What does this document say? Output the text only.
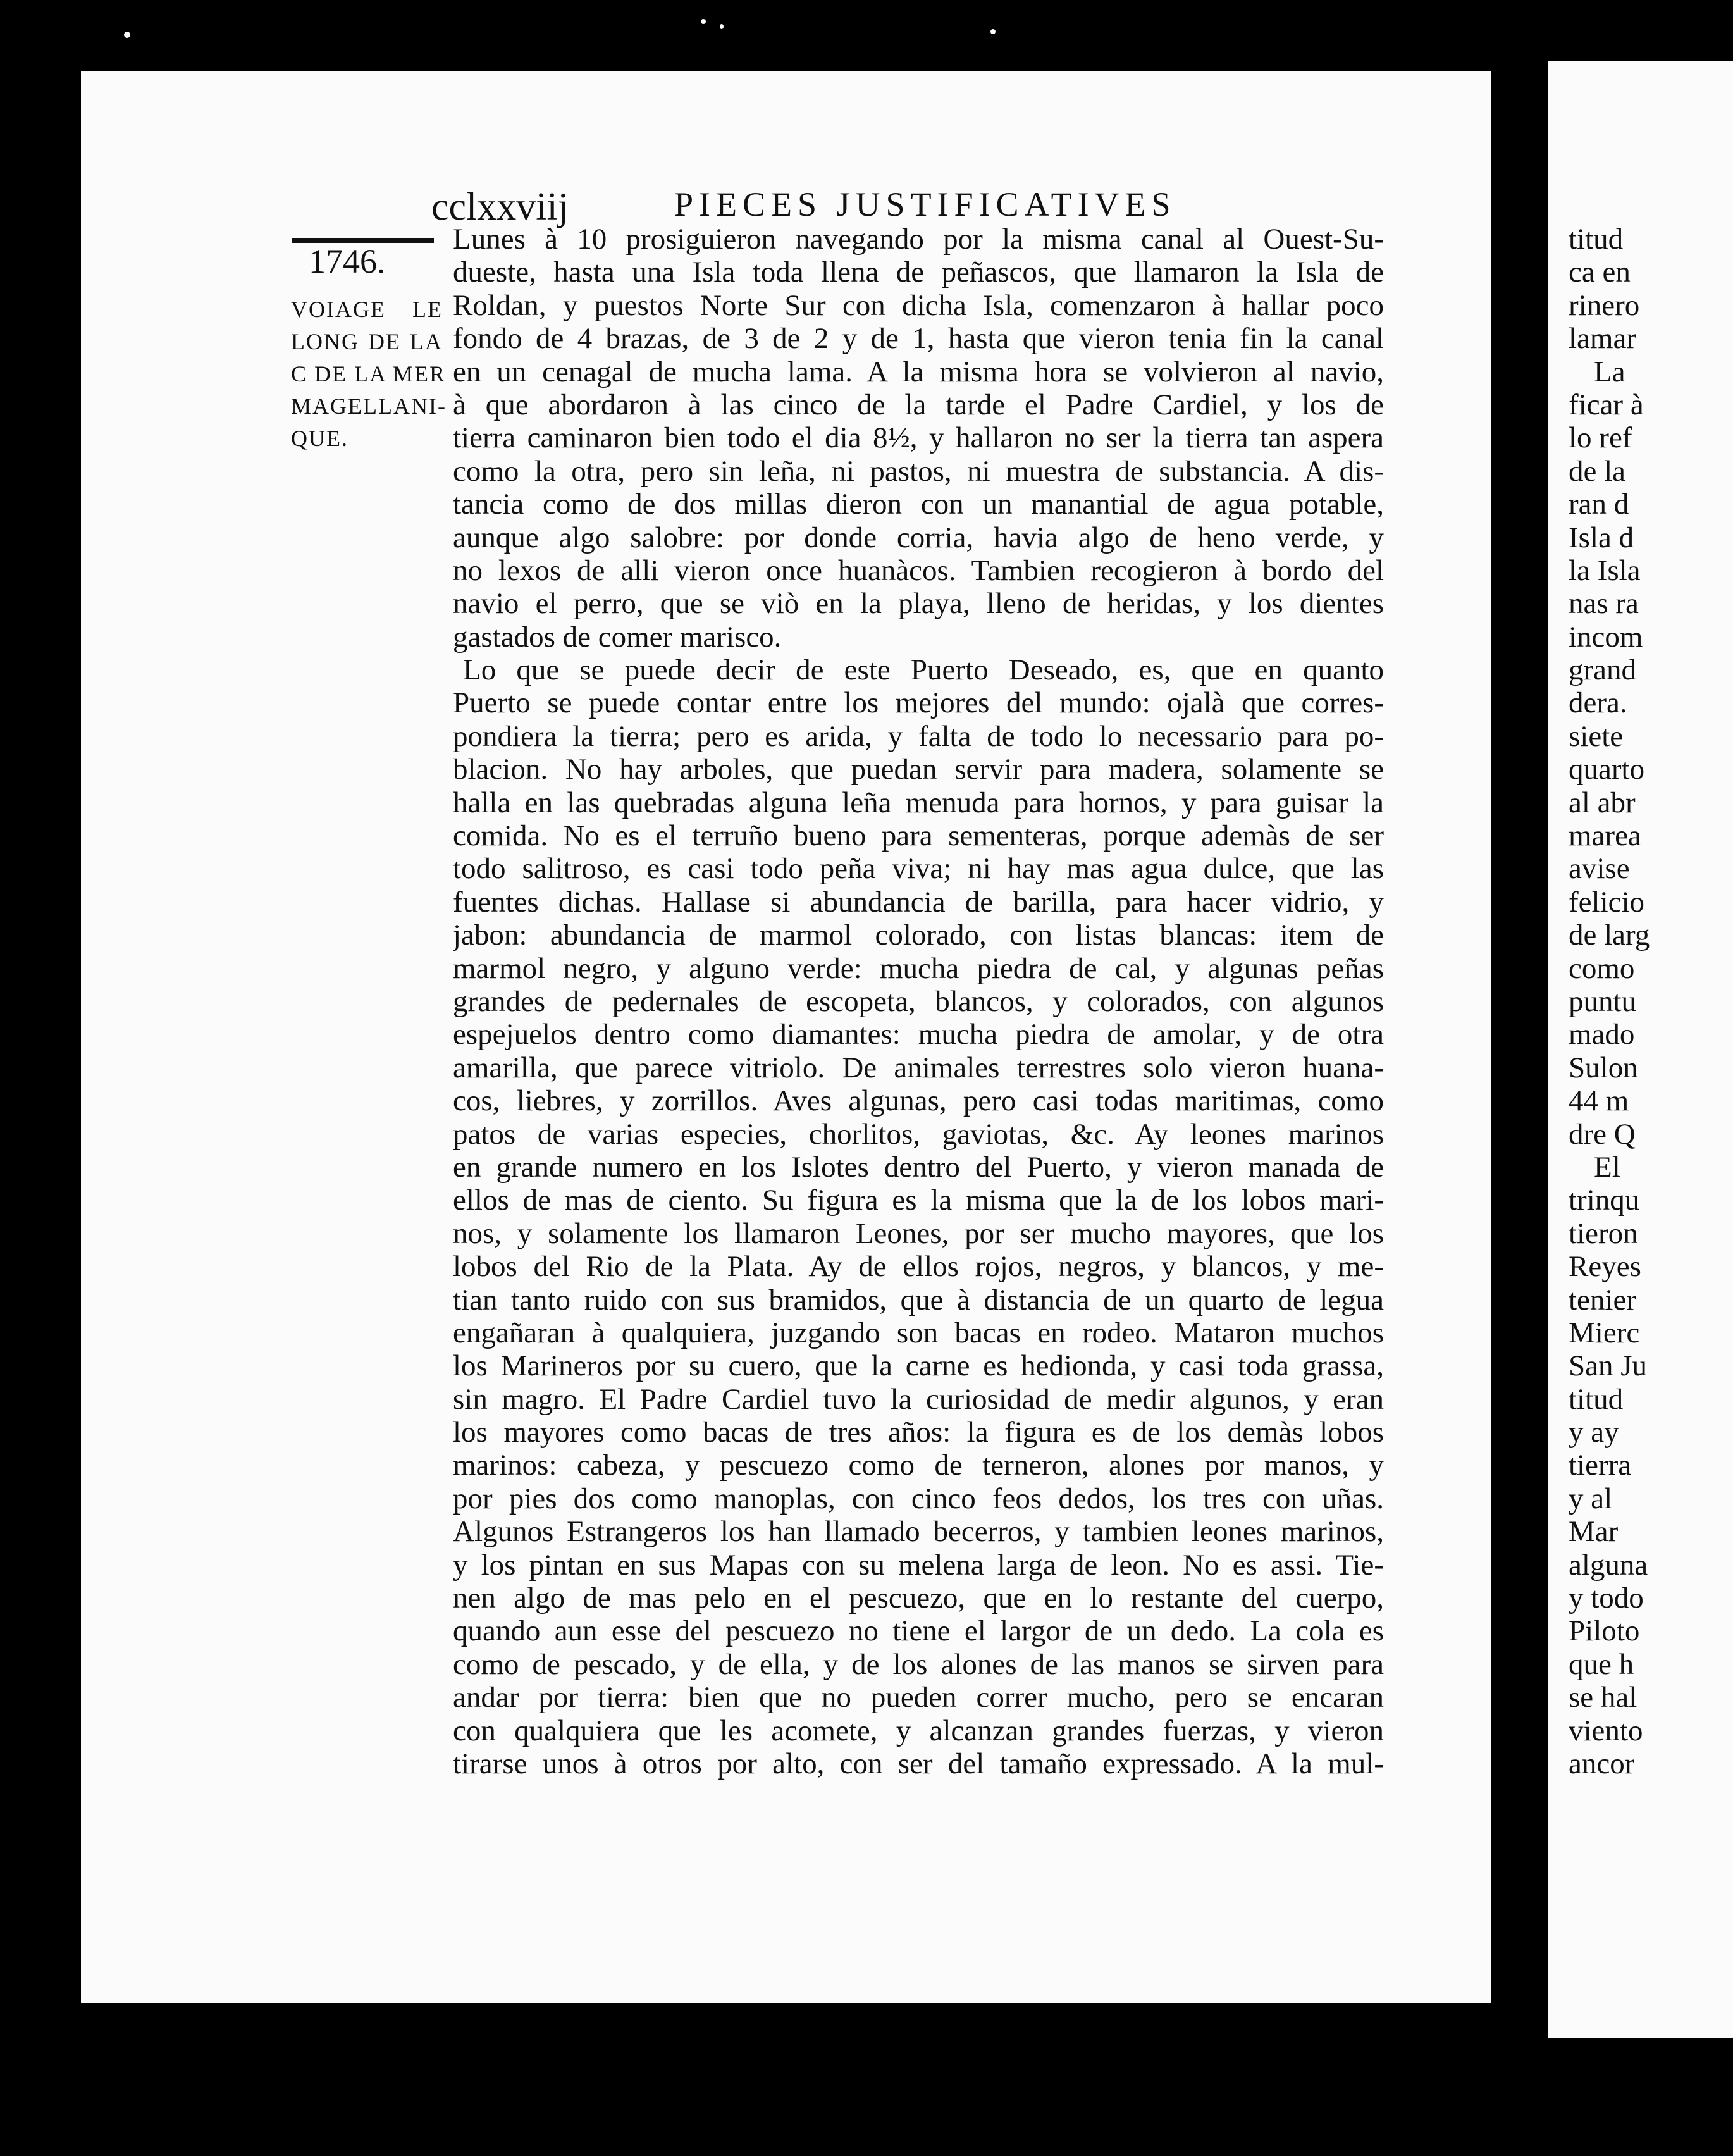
cclxxviij	PIECES JUSTIFICATIVES
1746.
VOIAGE LE
LONG DE LA
C DE LA MER
MAGELLANI-
QUE.
Lunes à 10 prosiguieron navegando por la misma canal al Ouest-Su-
dueste, hasta una Isla toda llena de peñascos, que llamaron la Isla de
Roldan, y puestos Norte Sur con dicha Isla, comenzaron à hallar poco
fondo de 4 brazas, de 3 de 2 y de 1, hasta que vieron tenia fin la canal
en un cenagal de mucha lama. A la misma hora se volvieron al navio,
à que abordaron à las cinco de la tarde el Padre Cardiel, y los de
tierra caminaron bien todo el dia 8½, y hallaron no ser la tierra tan aspera
como la otra, pero sin leña, ni pastos, ni muestra de substancia. A dis-
tancia como de dos millas dieron con un manantial de agua potable,
aunque algo salobre: por donde corria, havia algo de heno verde, y
no lexos de alli vieron once huanàcos. Tambien recogieron à bordo del
navio el perro, que se viò en la playa, lleno de heridas, y los dientes
gastados de comer marisco.
Lo que se puede decir de este Puerto Deseado, es, que en quanto
Puerto se puede contar entre los mejores del mundo: ojalà que corres-
pondiera la tierra; pero es arida, y falta de todo lo necessario para po-
blacion. No hay arboles, que puedan servir para madera, solamente se
halla en las quebradas alguna leña menuda para hornos, y para guisar la
comida. No es el terruño bueno para sementeras, porque ademàs de ser
todo salitroso, es casi todo peña viva; ni hay mas agua dulce, que las
fuentes dichas. Hallase si abundancia de barilla, para hacer vidrio, y
jabon: abundancia de marmol colorado, con listas blancas: item de
marmol negro, y alguno verde: mucha piedra de cal, y algunas peñas
grandes de pedernales de escopeta, blancos, y colorados, con algunos
espejuelos dentro como diamantes: mucha piedra de amolar, y de otra
amarilla, que parece vitriolo. De animales terrestres solo vieron huana-
cos, liebres, y zorrillos. Aves algunas, pero casi todas maritimas, como
patos de varias especies, chorlitos, gaviotas, &c. Ay leones marinos
en grande numero en los Islotes dentro del Puerto, y vieron manada de
ellos de mas de ciento. Su figura es la misma que la de los lobos mari-
nos, y solamente los llamaron Leones, por ser mucho mayores, que los
lobos del Rio de la Plata. Ay de ellos rojos, negros, y blancos, y me-
tian tanto ruido con sus bramidos, que à distancia de un quarto de legua
engañaran à qualquiera, juzgando son bacas en rodeo. Mataron muchos
los Marineros por su cuero, que la carne es hedionda, y casi toda grassa,
sin magro. El Padre Cardiel tuvo la curiosidad de medir algunos, y eran
los mayores como bacas de tres años: la figura es de los demàs lobos
marinos: cabeza, y pescuezo como de terneron, alones por manos, y
por pies dos como manoplas, con cinco feos dedos, los tres con uñas.
Algunos Estrangeros los han llamado becerros, y tambien leones marinos,
y los pintan en sus Mapas con su melena larga de leon. No es assi. Tie-
nen algo de mas pelo en el pescuezo, que en lo restante del cuerpo,
quando aun esse del pescuezo no tiene el largor de un dedo. La cola es
como de pescado, y de ella, y de los alones de las manos se sirven para
andar por tierra: bien que no pueden correr mucho, pero se encaran
con qualquiera que les acomete, y alcanzan grandes fuerzas, y vieron
tirarse unos à otros por alto, con ser del tamaño expressado. A la mul-
titud
ca en
rinero
lamar
La
ficar à
lo ref
de la
ran d
Isla d
la Isla
nas ra
incom
grand
dera.
siete
quarto
al abr
marea
avise
felicio
de larg
como
puntu
mado
Sulon
44 m
dre Q
El
trinqu
tieron
Reyes
tenier
Mierc
San Ju
titud
y ay
tierra
y al
Mar
alguna
y todo
Piloto
que h
se hal
viento
ancor
